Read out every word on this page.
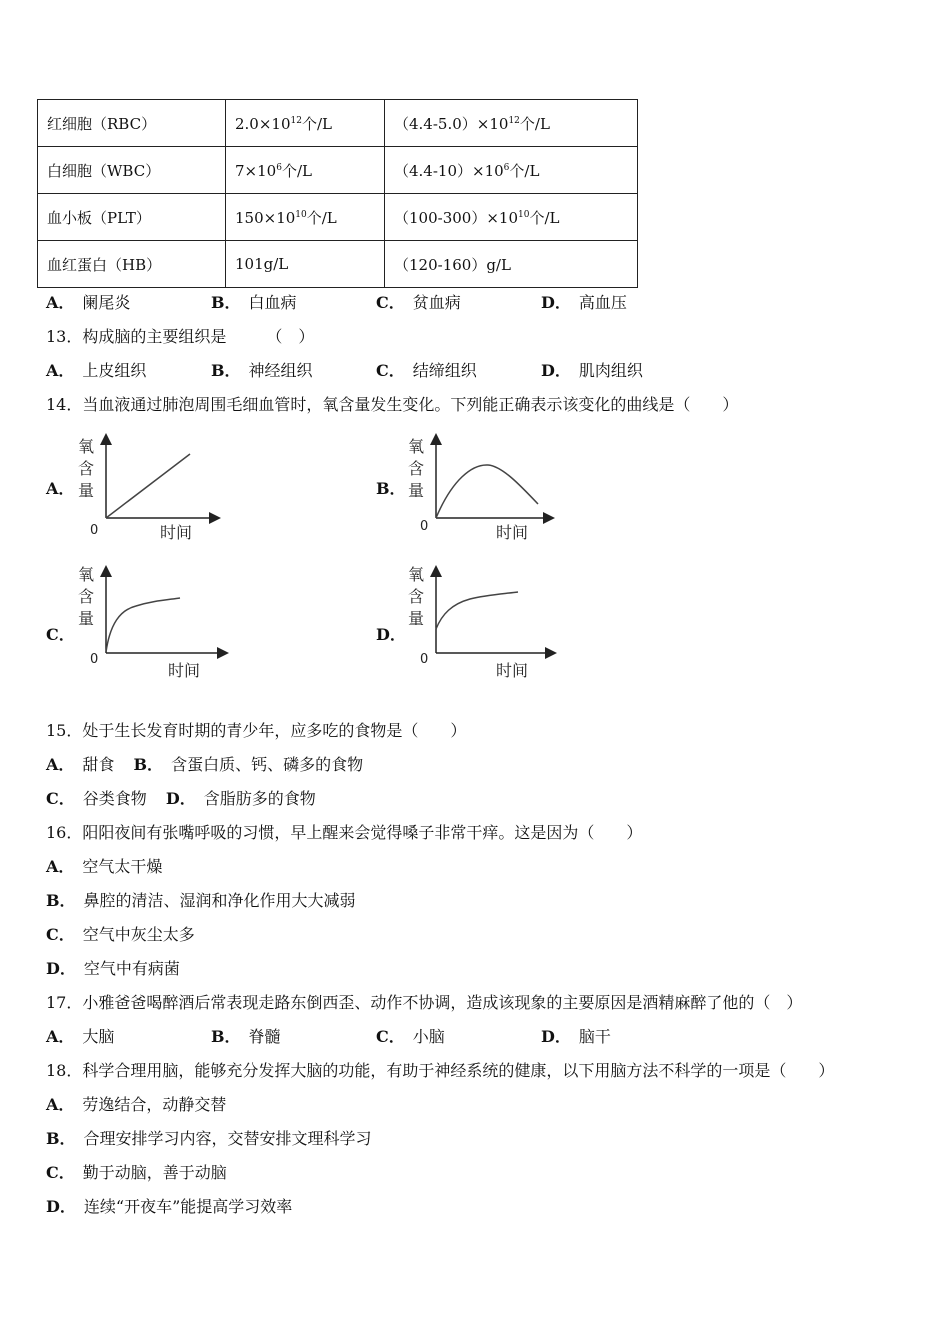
红细胞（RBC）	$2.0\times 10^{12}$个/L	$(4.4-5.0)\times 10^{12}$个/L
白细胞（WBC）	$7\times 10^6$个/L	$(4.4-10)\times 10^6$个/L
血小板（PLT）	$150\times 10^{10}$个/L	$(100-300)\times 10^{10}$个/L
血红蛋白（HB）	101g/L	（120-160）g/L
A． 阑尾炎	B． 白血病	C． 贫血病	D． 高血压
13．构成脑的主要组织是　　　（　）
A． 上皮组织	B． 神经组织	C． 结缔组织	D． 肌肉组织
14．当血液通过肺泡周围毛细血管时，氧含量发生变化。下列能正确表示该变化的曲线是（　　）
A．	B．
C．	D．
氧
含
量
0	时间
氧
含
量
0	时间
氧
含
量
0
时间
氧
含
量
0
时间
15．处于生长发育时期的青少年，应多吃的食物是（　　）
A． 甜食 B． 含蛋白质、钙、磷多的食物
C． 谷类食物 D． 含脂肪多的食物
16．阳阳夜间有张嘴呼吸的习惯，早上醒来会觉得嗓子非常干痒。这是因为（　　）
A． 空气太干燥
B． 鼻腔的清洁、湿润和净化作用大大减弱
C． 空气中灰尘太多
D． 空气中有病菌
17．小雅爸爸喝醉酒后常表现走路东倒西歪、动作不协调，造成该现象的主要原因是酒精麻醉了他的（　）
A． 大脑	B． 脊髓	C． 小脑	D． 脑干
18．科学合理用脑，能够充分发挥大脑的功能，有助于神经系统的健康，以下用脑方法不科学的一项是（　　）
A． 劳逸结合，动静交替
B． 合理安排学习内容，交替安排文理科学习
C． 勤于动脑，善于动脑
D． 连续“开夜车”能提高学习效率
